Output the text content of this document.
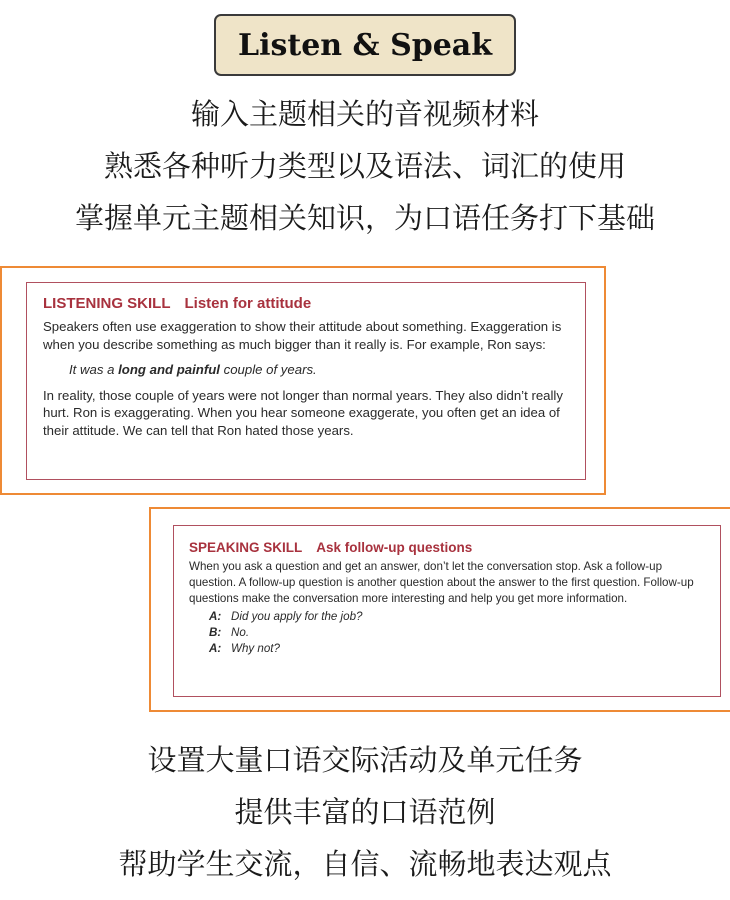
Listen & Speak
输入主题相关的音视频材料
熟悉各种听力类型以及语法、词汇的使用
掌握单元主题相关知识，为口语任务打下基础
LISTENING SKILL Listen for attitude

Speakers often use exaggeration to show their attitude about something. Exaggeration is when you describe something as much bigger than it really is. For example, Ron says:

It was a long and painful couple of years.

In reality, those couple of years were not longer than normal years. They also didn’t really hurt. Ron is exaggerating. When you hear someone exaggerate, you often get an idea of their attitude. We can tell that Ron hated those years.

SPEAKING SKILL Ask follow-up questions

When you ask a question and get an answer, don’t let the conversation stop. Ask a follow-up question. A follow-up question is another question about the answer to the first question. Follow-up questions make the conversation more interesting and help you get more information.

A: Did you apply for the job?
B: No.
A: Why not?
设置大量口语交际活动及单元任务
提供丰富的口语范例
帮助学生交流，自信、流畅地表达观点
